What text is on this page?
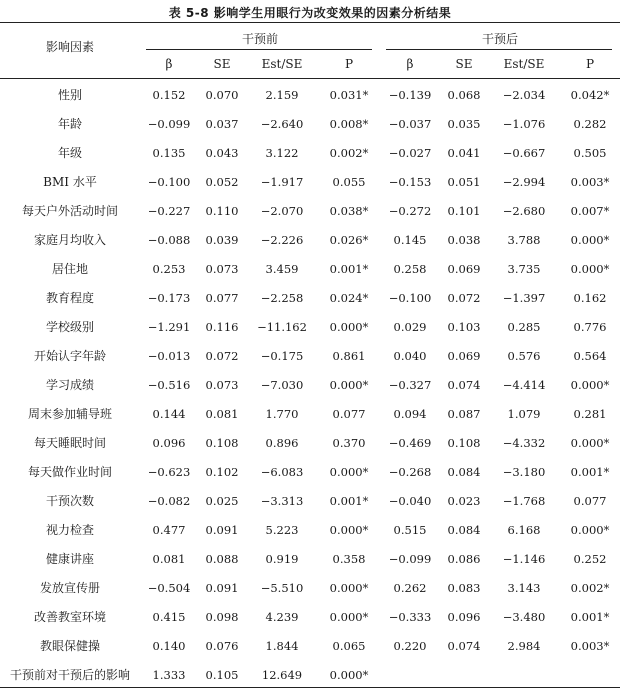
表 5-8 影响学生用眼行为改变效果的因素分析结果
影响因素
干预前	干预后
β	SE	Est/SE	P	β	SE	Est/SE	P
性别	0.152	0.070	2.159	0.031*	−0.139	0.068	−2.034	0.042*
年龄	−0.099	0.037	−2.640	0.008*	−0.037	0.035	−1.076	0.282
年级	0.135	0.043	3.122	0.002*	−0.027	0.041	−0.667	0.505
BMI 水平	−0.100	0.052	−1.917	0.055	−0.153	0.051	−2.994	0.003*
每天户外活动时间	−0.227	0.110	−2.070	0.038*	−0.272	0.101	−2.680	0.007*
家庭月均收入	−0.088	0.039	−2.226	0.026*	0.145	0.038	3.788	0.000*
居住地	0.253	0.073	3.459	0.001*	0.258	0.069	3.735	0.000*
教育程度	−0.173	0.077	−2.258	0.024*	−0.100	0.072	−1.397	0.162
学校级别	−1.291	0.116	−11.162	0.000*	0.029	0.103	0.285	0.776
开始认字年龄	−0.013	0.072	−0.175	0.861	0.040	0.069	0.576	0.564
学习成绩	−0.516	0.073	−7.030	0.000*	−0.327	0.074	−4.414	0.000*
周末参加辅导班	0.144	0.081	1.770	0.077	0.094	0.087	1.079	0.281
每天睡眠时间	0.096	0.108	0.896	0.370	−0.469	0.108	−4.332	0.000*
每天做作业时间	−0.623	0.102	−6.083	0.000*	−0.268	0.084	−3.180	0.001*
干预次数	−0.082	0.025	−3.313	0.001*	−0.040	0.023	−1.768	0.077
视力检查	0.477	0.091	5.223	0.000*	0.515	0.084	6.168	0.000*
健康讲座	0.081	0.088	0.919	0.358	−0.099	0.086	−1.146	0.252
发放宣传册	−0.504	0.091	−5.510	0.000*	0.262	0.083	3.143	0.002*
改善教室环境	0.415	0.098	4.239	0.000*	−0.333	0.096	−3.480	0.001*
教眼保健操	0.140	0.076	1.844	0.065	0.220	0.074	2.984	0.003*
干预前对干预后的影响	1.333	0.105	12.649	0.000*				
